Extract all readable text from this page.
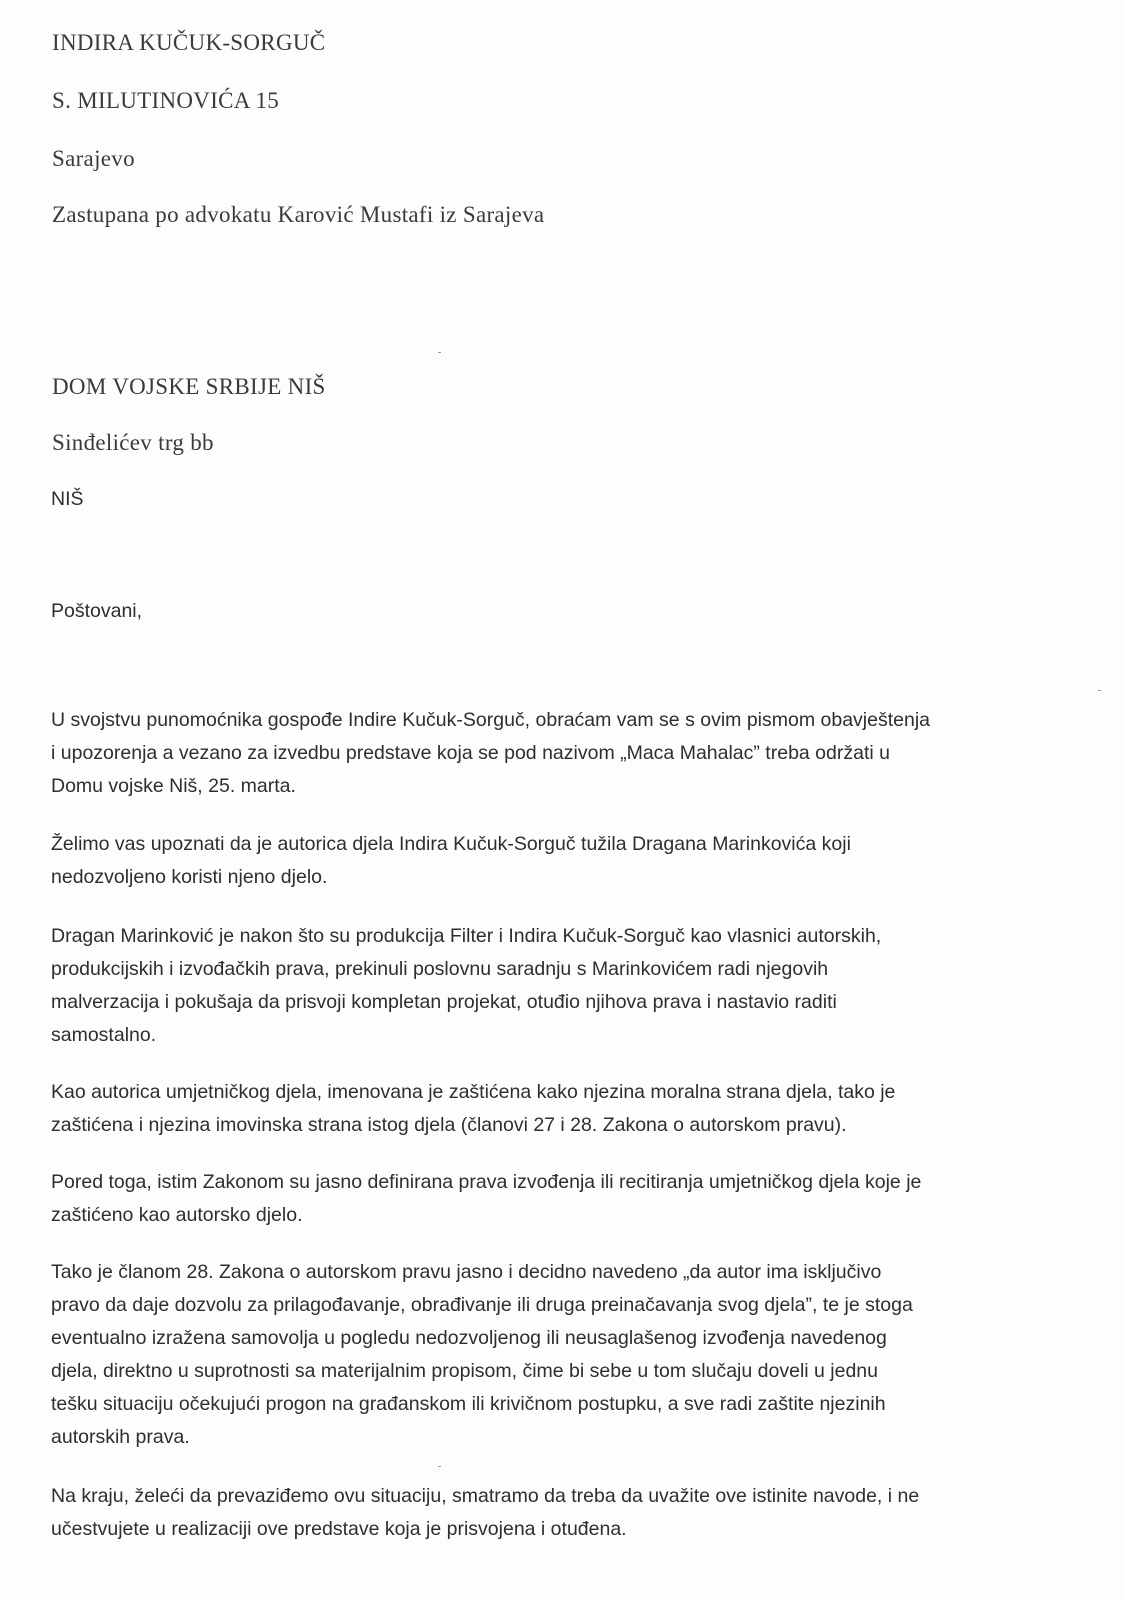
INDIRA KUČUK-SORGUČ
S. MILUTINOVIĆA 15
Sarajevo
Zastupana po advokatu Karović Mustafi iz Sarajeva
DOM VOJSKE SRBIJE NIŠ
Sinđelićev trg bb
NIŠ
Poštovani,
U svojstvu punomoćnika gospođe Indire Kučuk-Sorguč, obraćam vam se s ovim pismom obavještenja
i upozorenja a vezano za izvedbu predstave koja se pod nazivom „Maca Mahalac” treba održati u
Domu vojske Niš, 25. marta.
Želimo vas upoznati da je autorica djela Indira Kučuk-Sorguč tužila Dragana Marinkovića koji
nedozvoljeno koristi njeno djelo.
Dragan Marinković je nakon što su produkcija Filter i Indira Kučuk-Sorguč kao vlasnici autorskih,
produkcijskih i izvođačkih prava, prekinuli poslovnu saradnju s Marinkovićem radi njegovih
malverzacija i pokušaja da prisvoji kompletan projekat, otuđio njihova prava i nastavio raditi
samostalno.
Kao autorica umjetničkog djela, imenovana je zaštićena kako njezina moralna strana djela, tako je
zaštićena i njezina imovinska strana istog djela (članovi 27 i 28. Zakona o autorskom pravu).
Pored toga, istim Zakonom su jasno definirana prava izvođenja ili recitiranja umjetničkog djela koje je
zaštićeno kao autorsko djelo.
Tako je članom 28. Zakona o autorskom pravu jasno i decidno navedeno „da autor ima isključivo
pravo da daje dozvolu za prilagođavanje, obrađivanje ili druga preinačavanja svog djela”, te je stoga
eventualno izražena samovolja u pogledu nedozvoljenog ili neusaglašenog izvođenja navedenog
djela, direktno u suprotnosti sa materijalnim propisom, čime bi sebe u tom slučaju doveli u jednu
tešku situaciju očekujući progon na građanskom ili krivičnom postupku, a sve radi zaštite njezinih
autorskih prava.
Na kraju, želeći da prevaziđemo ovu situaciju, smatramo da treba da uvažite ove istinite navode, i ne
učestvujete u realizaciji ove predstave koja je prisvojena i otuđena.
